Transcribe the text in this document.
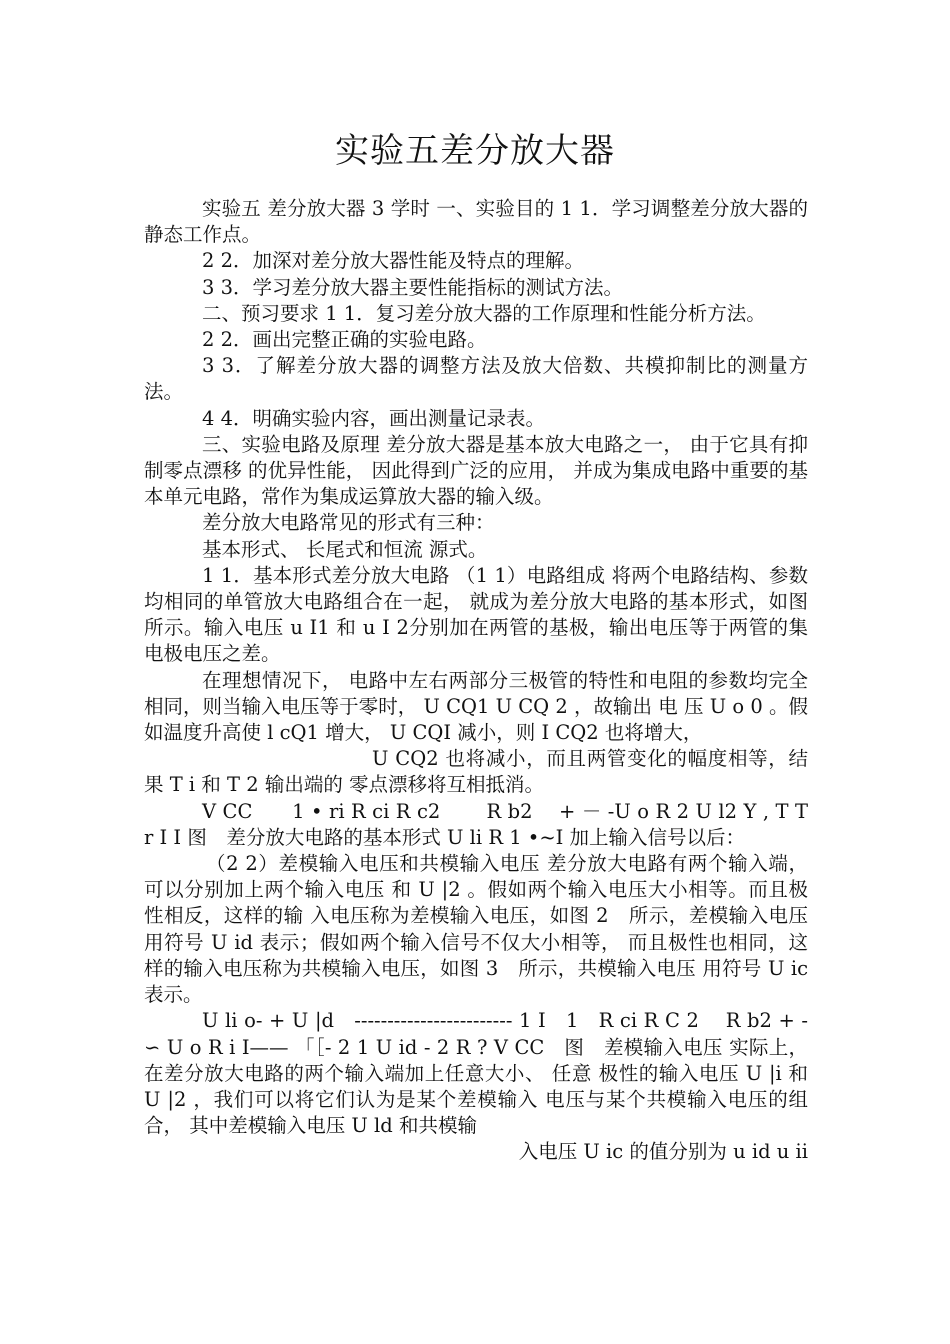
实验五差分放大器

实验五 差分放大器 3 学时 一、实验目的 1 1．学习调整差分放大器的静态工作点。

2 2．加深对差分放大器性能及特点的理解。

3 3．学习差分放大器主要性能指标的测试方法。

二、预习要求 1 1．复习差分放大器的工作原理和性能分析方法。

2 2．画出完整正确的实验电路。

3 3．了解差分放大器的调整方法及放大倍数、共模抑制比的测量方法。

4 4．明确实验内容，画出测量记录表。

三、实验电路及原理 差分放大器是基本放大电路之一， 由于它具有抑制零点漂移 的优异性能， 因此得到广泛的应用， 并成为集成电路中重要的基 本单元电路，常作为集成运算放大器的输入级。

差分放大电路常见的形式有三种：

基本形式、 长尾式和恒流 源式。

1 1．基本形式差分放大电路 （1 1）电路组成 将两个电路结构、参数均相同的单管放大电路组合在一起， 就成为差分放大电路的基本形式，如图　所示。输入电压 u I1 和 u I 2分别加在两管的基极，输出电压等于两管的集电极电压之差。

在理想情况下， 电路中左右两部分三极管的特性和电阻的参数均完全相同，则当输入电压等于零时， U CQ1 U CQ 2 ，故输出 电 压 U o 0 。假如温度升高使 l cQ1 增大， U CQI 减小，则 I CQ2 也将增大，

U CQ2 也将减小，而且两管变化的幅度相等，结果 T i 和 T 2 输出端的 零点漂移将互相抵消。

V CC　　1 • ri R ci R c2　　 R b2　 + － -U o R 2 U l2 Y , T T r I I 图　差分放大电路的基本形式 U li R 1 •~I 加上输入信号以后：

（2 2）差模输入电压和共模输入电压 差分放大电路有两个输入端，可以分别加上两个输入电压 和 U |2 。假如两个输入电压大小相等。而且极性相反，这样的输 入电压称为差模输入电压，如图 2　所示，差模输入电压用符号 U id 表示；假如两个输入信号不仅大小相等， 而且极性也相同，这 样的输入电压称为共模输入电压，如图 3　所示，共模输入电压 用符号 U ic 表示。

U li o- + U |d　------------------------ 1 I　1　R ci R C 2　 R b2 + - ∽ U o R i I—— 「［- 2 1 U id - 2 R ? V CC　图　差模输入电压 实际上，在差分放大电路的两个输入端加上任意大小、 任意 极性的输入电压 U |i 和 U |2 ，我们可以将它们认为是某个差模输入 电压与某个共模输入电压的组合， 其中差模输入电压 U ld 和共模输

入电压 U ic 的值分别为 u id u ii
